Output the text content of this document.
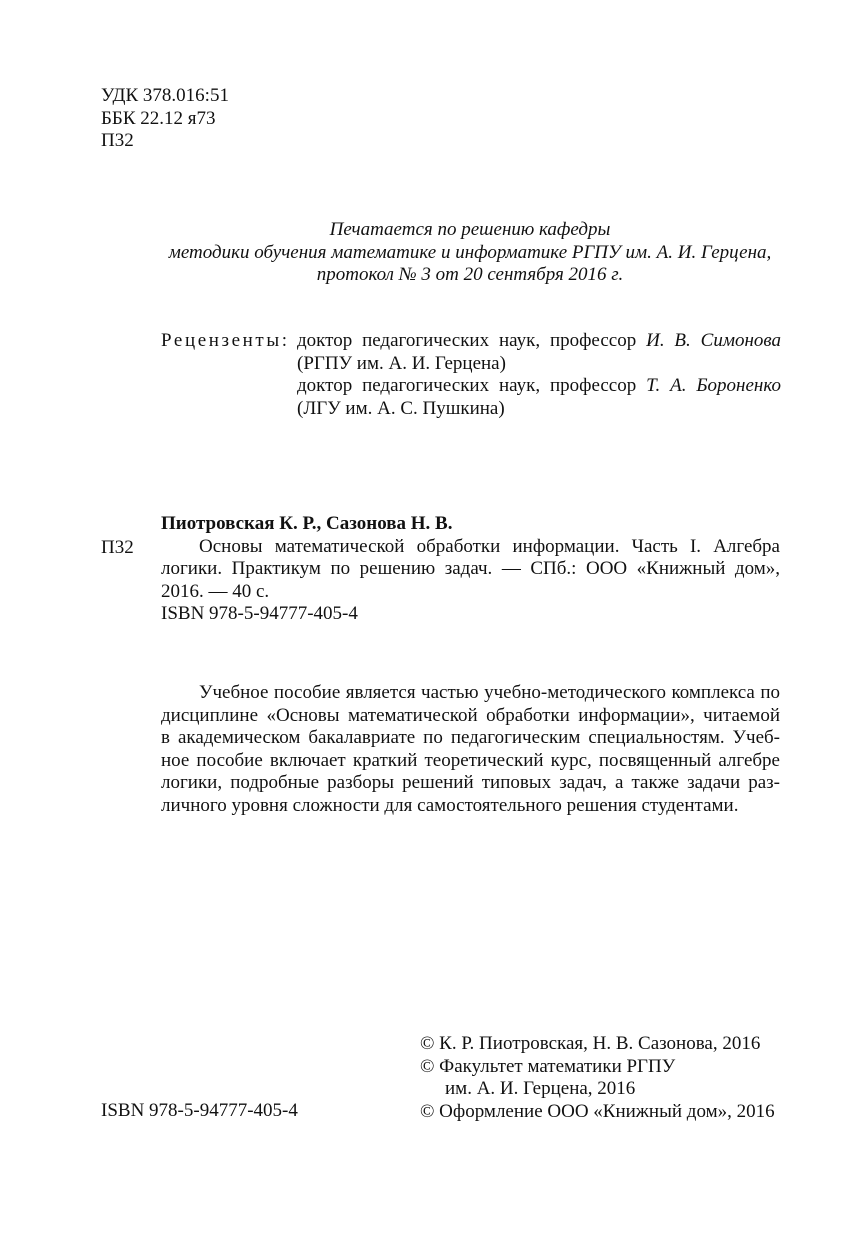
УДК 378.016:51
ББК 22.12 я73
П32
Печатается по решению кафедры
методики обучения математике и информатике РГПУ им. А. И. Герцена,
протокол № 3 от 20 сентября 2016 г.
Рецензенты: доктор педагогических наук, профессор И. В. Симонова
(РГПУ им. А. И. Герцена)
доктор педагогических наук, профессор Т. А. Бороненко
(ЛГУ им. А. С. Пушкина)
П32
Пиотровская К. Р., Сазонова Н. В.
Основы математической обработки информации. Часть I. Алгебра
логики. Практикум по решению задач. — СПб.: ООО «Книжный дом»,
2016. — 40 с.
ISBN 978-5-94777-405-4
Учебное пособие является частью учебно-методического комплекса по
дисциплине «Основы математической обработки информации», читаемой
в академическом бакалавриате по педагогическим специальностям. Учеб-
ное пособие включает краткий теоретический курс, посвященный алгебре
логики, подробные разборы решений типовых задач, а также задачи раз-
личного уровня сложности для самостоятельного решения студентами.
© К. Р. Пиотровская, Н. В. Сазонова, 2016
© Факультет математики РГПУ
им. А. И. Герцена, 2016
© Оформление ООО «Книжный дом», 2016
ISBN 978-5-94777-405-4
